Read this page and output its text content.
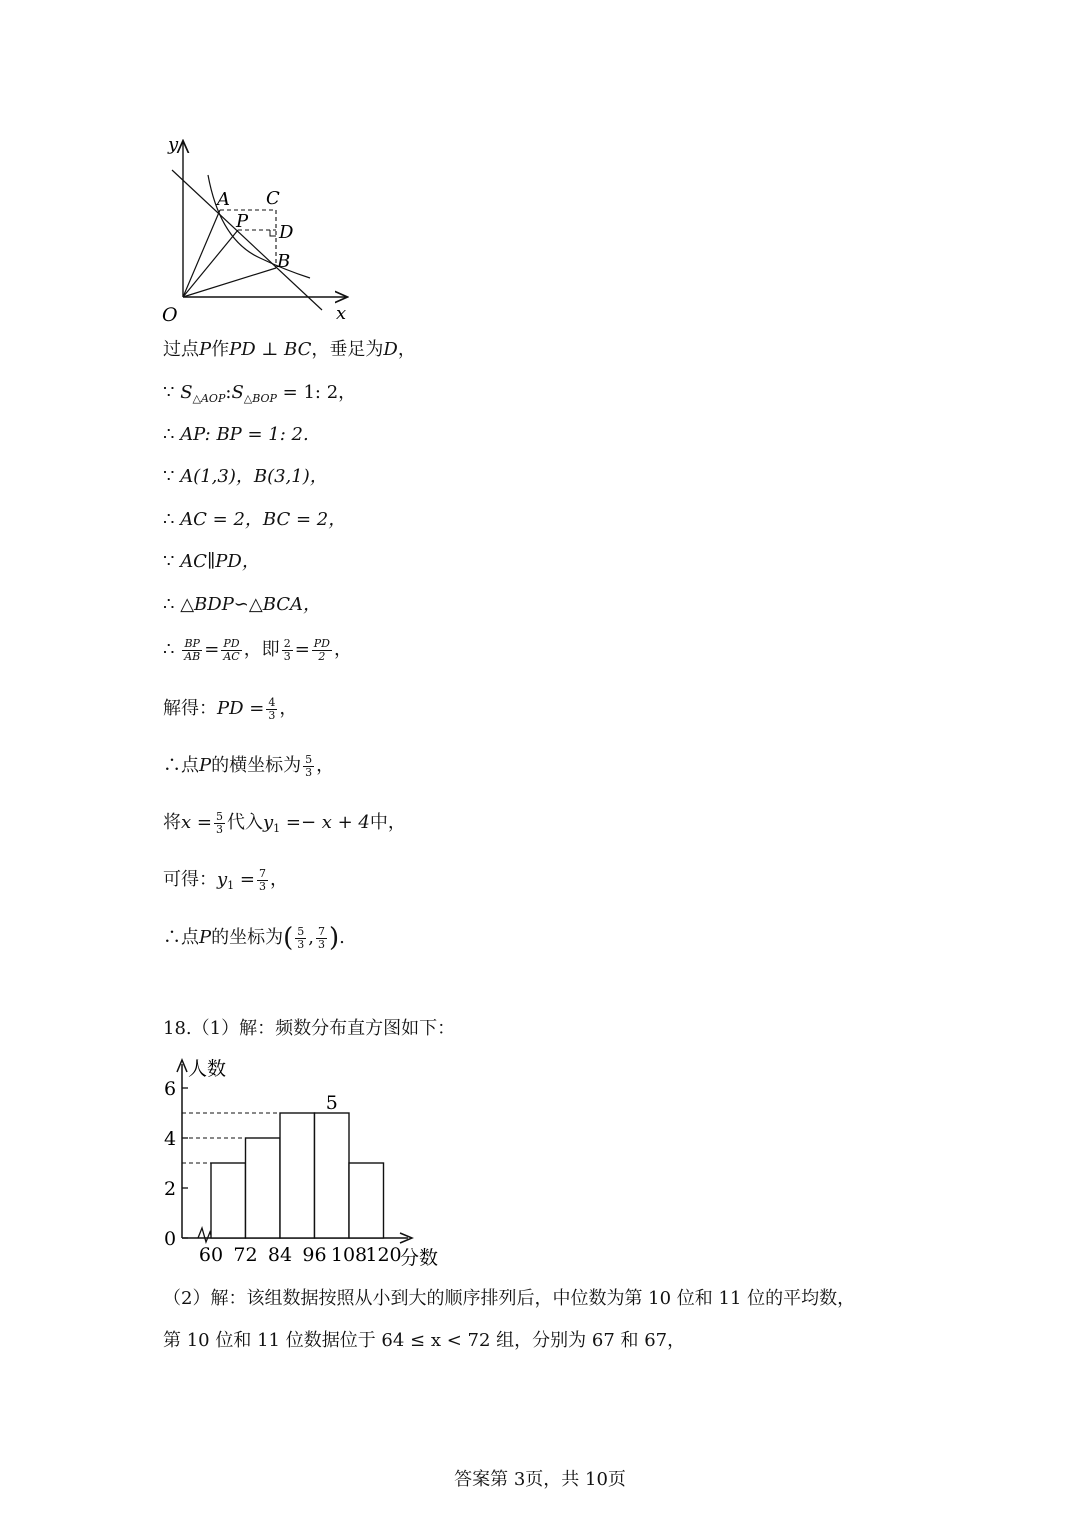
y
x
O
A C
P
D
B
过点P作PD ⊥ BC，垂足为D，
∵ $S_{\triangle AOP}:S_{\triangle BOP} = 1$: 2，
∴ AP: BP = 1: 2.
∵ A(1,3)，B(3,1)，
∴ AC = 2，BC = 2，
∵ AC∥PD，
∴ △BDP∽△BCA，
∴ $\frac{BP}{AB} = \frac{PD}{AC}$ ，即 $\frac{2}{3} = \frac{PD}{2}$ ，
解得：PD = $\frac{4}{3}$ ，
∴点P的横坐标为 $\frac{5}{3}$ ，
将$x = \frac{5}{3}$ 代入$y_1 =- x + 4$中，
可得：$y_1 = \frac{7}{3}$ ，
∴点P的坐标为( $\frac{5}{3}$ , $\frac{7}{3}$ ).
18.（1）解：频数分布直方图如下：
人数
分数
0
2
4
6
60 72 84 96 108
120
5
（2）解：该组数据按照从小到大的顺序排列后，中位数为第 10 位和 11 位的平均数，
第 10 位和 11 位数据位于 64 ≤ x < 72 组，分别为 67 和 67，
答案第 3页，共 10页
